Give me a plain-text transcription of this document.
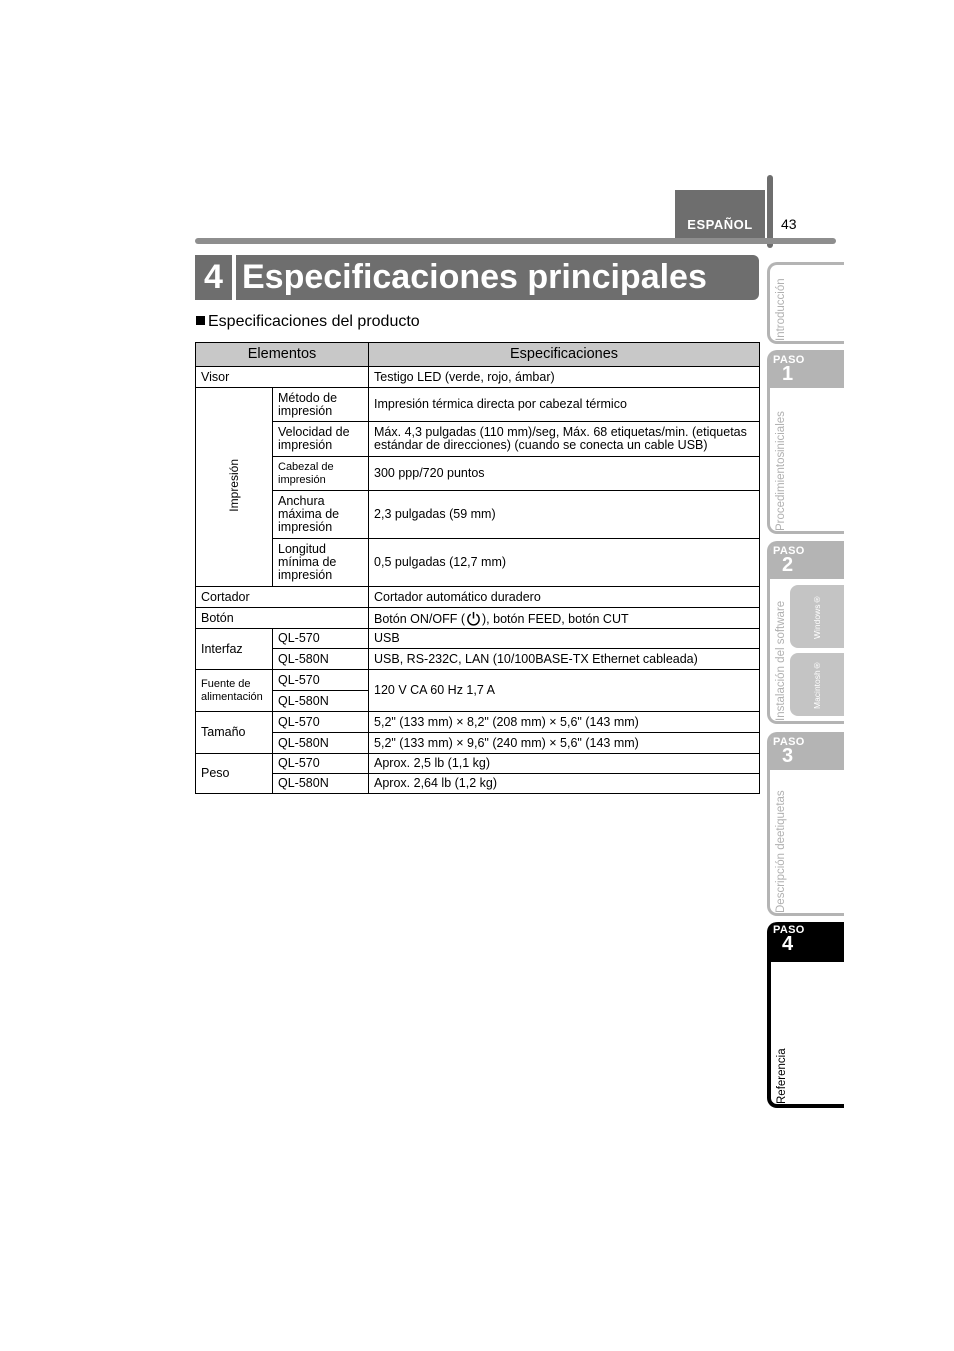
ESPAÑOL	43
4 Especificaciones principales
Especificaciones del producto
Elementos		Especificaciones
Visor		Testigo LED (verde, rojo, ámbar)
Impresión	Método de impresión	Impresión térmica directa por cabezal térmico
	Velocidad de impresión	Máx. 4,3 pulgadas (110 mm)/seg, Máx. 68 etiquetas/min. (etiquetas estándar de direcciones) (cuando se conecta un cable USB)
	Cabezal de impresión	300 ppp/720 puntos
	Anchura máxima de impresión	2,3 pulgadas (59 mm)
	Longitud mínima de impresión	0,5 pulgadas (12,7 mm)
Cortador		Cortador automático duradero
Botón		Botón ON/OFF ( ), botón FEED, botón CUT
Interfaz	QL-570	USB
	QL-580N	USB, RS-232C, LAN (10/100BASE-TX Ethernet cableada)
Fuente de alimentación	QL-570	120 V CA 60 Hz 1,7 A
	QL-580N	
Tamaño	QL-570	5,2" (133 mm) × 8,2" (208 mm) × 5,6" (143 mm)
	QL-580N	5,2" (133 mm) × 9,6" (240 mm) × 5,6" (143 mm)
Peso	QL-570	Aprox. 2,5 lb (1,1 kg)
	QL-580N	Aprox. 2,64 lb (1,2 kg)
Introducción
Procedimientos
iniciales
PASO
1
Instalación del software
PASO
2
Windows®
Macintosh®
Descripción de
etiquetas
PASO
3
Referencia
PASO
4
